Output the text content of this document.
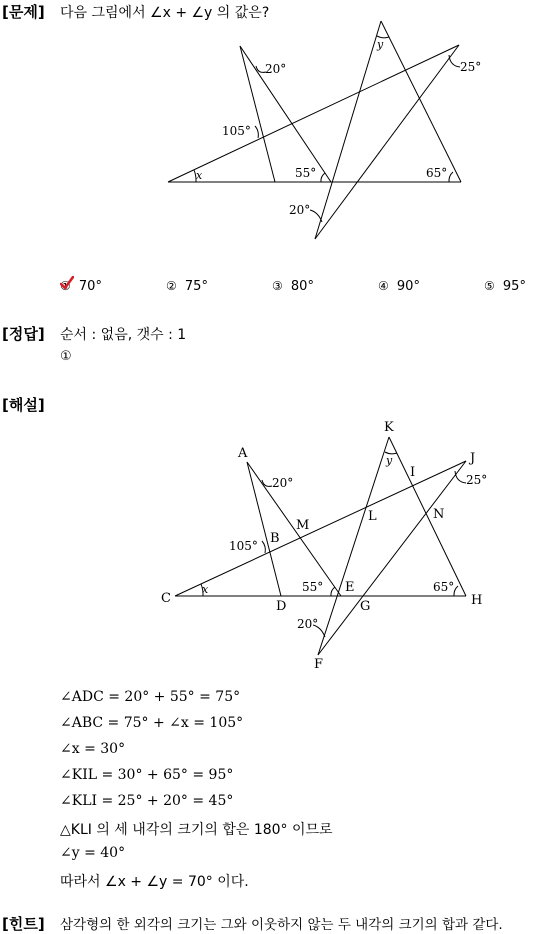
[문제] 다음 그림에서 ∠x + ∠y 의 값은?
20°	25°
105°
55°	65°
20°
x
y
① 70°	② 75°	③ 80°	④ 90°	⑤ 95°
[정답] 순서 : 없음, 갯수 : 1
①
[해설]
K
A	J
I
M
L	N
B
C
D
E
G	H
F
20°	25°
105°
55°	65°
20°
x
y
∠ADC = 20° + 55° = 75°
∠ABC = 75° + ∠x = 105°
∠x = 30°
∠KIL = 30° + 65° = 95°
∠KLI = 25° + 20° = 45°
△KLI 의 세 내각의 크기의 합은 180° 이므로
∠y = 40°
따라서 ∠x + ∠y = 70° 이다.
[힌트] 삼각형의 한 외각의 크기는 그와 이웃하지 않는 두 내각의 크기의 합과 같다.
